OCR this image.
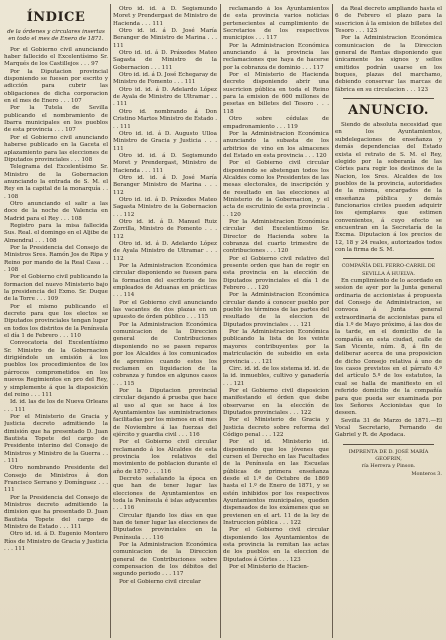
ÍNDICE
de la órdenes y circulares insertas en todo el mes de Enero de 1871.

Por el Gobierno civil anunciando haber fallecido el Excelentísimo Sr. Marqués de los Castillejos . . . 97

Por la Diputacion provincial disponiendo se fuesen por escrito y adicción para cubrir las obligaciones de dicha corporacion en el mes de Enero . . . 107

Por la Tutela de Sevilla publicando el nombramiento de Ibarra municipales en los pueblos de esta provincia . . . 107

Por el Gobierno civil anunciando haberse publicado en la Gaceta el aplazamiento para las elecciones de Diputados provinciales . . . 108

Telegrama del Excelentísimo Sr. Ministro de la Gobernacion anunciando la entrada de S. M. el Rey en la capital de la monarquía . . . 108

Otro anunciando el salir a las doce de la noche de Valencia en Madrid para el Rey . . . 108

Registro para la misa fallecida Sus. Real. el domingo en el Aljibe de Almendral . . . 108

Por la Presidencia del Consejo de Ministros Sres. Ramón Jos de Ripa y Reino por mando de la Real Casa . . . 108

Por el Gobierno civil publicando la formacion del nuevo Ministerio bajo la presidencia del Exmo. Sr. Duque de la Torre . . . 109

Por el mismo publicando el decreto para que los electos se Diputados provinciales tengan lugar en todos los distritos de la Península el día 1 de Febrero . . . 110

Convocatoria del Excelentísimo Sr. Ministro de la Gobernacion dirigiéndole un emisión á los pueblos los procedimientos de los párrocos comprometidos en los nuevos Regimientos en pro del Rey, y simplemente á que la disposición del reino . . . 111

Id. id. las de los de Nueva Orleans . . . 111

Por el Ministerio de Gracia y Justicia decreto admitiendo la dimisión que ha presentado D. Juan Bautista Topete del cargo de Presidente interino del Consejo de Ministros y Ministro de la Guerra . . . 111

Otro nombrando Presidente del Consejo de Ministros á don Francisco Serrano y Domínguez . . . 111

Por la Presidencia del Consejo de Ministros decreto admitiendo la dimision que ha presentado D. Juan Bautista Topete del cargo de Ministro de Estado . . . 111

Otro id. id. á D. Eugenio Montero Ríos de Ministro de Gracia y Justicia . . . 111

Otro id. id. á D. Segismundo Moret y Prendergast de Ministro de Hacienda . . . 111

Otro id. id. á D. José María Beranger de Ministro de Marina . . . 111

Otro id. id. á D. Práxedes Mateo Sagasta de Ministro de la Gobernacion . . . 111

Otro id. id. á D. José Echegaray de Ministro de Fomento . . . 111

Otro id. id. á D. Adelardo López de Ayala de Ministro de Ultramar . . . 111

Otro id. nombrando á Don Cristino Martos Ministro de Estado . . . 111

Otro id. id. á D. Augusto Ulloa Ministro de Gracia y Justicia . . . 111

Otro id. id. á D. Segismundo Moret y Prendergast, Ministro de Hacienda . . . 111

Otro id. id. á D. José María Beranger Ministro de Marina . . . 112

Otro id. id. á D. Práxedes Mateo Sagasta Ministro de la Gobernacion . . . 112

Otro id. id. á D. Manuel Ruiz Zorrilla, Ministro de Fomento . . . 112

Otro id. id. á D. Adelardo López de Ayala Ministro de Ultramar . . . 112

Por la Administracion Económica circular disponiendo se fuesen para la formacion del escritorio de los empleados de Aduanas en prácticas . . . 114

Por el Gobierno civil anunciando las vacantes de dos plazas en un upuesto de órden público . . . 115

Por la Administracion Económica comunicacion de la Direccion general de Contribuciones disponiendo no se pasen reparos por los Alcaldes á los comunicados de apremios cuando estos los reclamen en liquidacion de la cobranza y fundos en algunos casos . . . 115

Por la Diputacion provincial circular dejando á prueba que hace al uso al que se hace á los Ayuntamientos las suministraciones facilitadas por los mismos en el mes de Noviembre á las fuerzas del ejército y guardia civil . . . 116

Por el Gobierno civil circular reclamando á los Alcaldes de esta provincia los relativos del movimiento de poblacion durante el año de 1870 . . . 116

Decreto señalando la época en que han de tener lugar las elecciones de Ayuntamientos en toda la Península é islas adyacentes . . . 116

Circular fijando los días en que han de tener lugar las elecciones de Diputados provinciales en la Península . . . 116

Por la Administracion Económica comunicacion de la Direccion general de Contribuciones sobre compensacion de los débitos del segundo periodo . . . 117

Por el Gobierno civil circular

reclamando á los Ayuntamientos de esta provincia varios noticias pertenecientes al cumplimiento de Secretarios de los respectivos municipios . . . 117

Por la Administracion Económica anunciando á la provincia las reclamaciones que haya de hacerse por la cobranza de dominio . . . 117

Por el Ministerio de Hacienda decreto disponiendo abrir una suscricion pública en toda el Reino para la emision de 600 millones de pesetas en billetes del Tesoro . . . 118

Otro sobre cédulas de empadronamiento . . . 119

Por la Administracion Económica anunciando la subasta de los arbitrios de vino en los almacenes del Estado en esta provincia . . . 120

Por el Gobierno civil circular disponiendo se abstengan todos los Alcaldes como los Presidentes de las mesas electorales, de inscripción y de resultado en las elecciones al Ministerio de la Gobernacion, y el acta de escrutinio de esta provincia . . . 120

Por la Administracion Económica circular del Excelentísimo Sr. Director de Hacienda sobre la cobranza del cuarto trimestre de contribuciones . . . 120

Por el Gobierno civil relativo del presente orden que han de regir en esta provincia en la elección de Diputados provinciales el día 1 de Febrero . . . 120

Por la Administracion Económica circular dando á conocer pueblo por pueblo los términos de las partes del resultado de la eleccion de Diputados provinciales . . . 121

Por la Administracion Económica publicando la lista de los veinte mayores contribuyentes por la matriculación de subsidio en esta provincia . . . 121

Circ. id. id. de los sistema id. id. de la id. inmuebles, cultivo y ganadería . . . 121

Por el Gobierno civil disposicion manifestando el órden que debe observarse en la elección de Diputados provinciales . . . 122

Por el Ministerio de Gracia y Justicia decreto sobre reforma del Código penal . . . 122

Por el id. Ministerio id. disponiendo que los jóvenes que cursen el Derecho en las Facultades de la Península en las Escuelas públicas de primera enseñanza desde el 1.º de Octubre de 1869 hasta el 1.º de Enero de 1871, y se estén inhibidos por los respectivos Ayuntamientos municipales, queden dispensados de los exámenes que se previenen en el art. 11 de la ley de Instruccion pública . . . 122

Por el Gobierno civil circular disponiendo los Ayuntamientos de esta provincia la remitan las actas de los pueblos en la eleccion de Diputados á Córtes . . . 123

Por el Ministerio de Hacien-

da Real decreto ampliando hasta el 6 de Febrero el plazo para la suscricion á la emision de billetes del Tesoro . . . 123

Por la Administracion Económica comunicacion de la Direccion general de Rentas disponiendo que únicamente los signos y sellos emitidos podrán usarse en los buques, plazas del marchamo, debiendo conservar las marcas de fábrica en su circulacion . . . 123

ANUNCIO.

Siendo de absoluta necesidad que en los Ayuntamientos, subdelegaciones de enseñanza y demás dependencias del Estado exista el retrato de S. M. el Rey, elegido por la soberanía de las Córtes para regir los destinos de la Nacion, los Sres. Alcaldes de los pueblos de la provincia, autoridades de la misma, encargados de la enseñanza pública y demás funcionarios civiles pueden adquirir los ejemplares que estimen convenientes, á cuyo efecto se encuentran en la Secretaría de la Excma. Diputacion á los precios de 12, 18 y 24 reales, autorizados todos con la firma de S. M.

COMPAÑÍA DEL FERRO-CARRIL DE SEVILLA Á HUELVA.

En cumplimiento de lo acordado en sesion de ayer por la Junta general ordinaria de accionistas á propuesta del Consejo de Administracion, se convoca á Junta general extraordinaria de accionistas para el día 1.º de Mayo próximo, á las dos de la tarde, en el domicilio de la compañía en esta ciudad, calle de San Vicente, núm. 8, á fin de deliberar acerca de una proposicion de dicho Consejo relativa á uno de los casos previstos en el párrafo 4.º del artículo 5.º de los estatutos, la cual se halla de manifiesto en el referido domicilio de la compañía para que pueda ser examinada por los Señores Accionistas que lo deseen.

Sevilla 31 de Marzo de 1871.—El Vocal Secretario, Fernando de Gabriel y R. de Apodaca.

IMPRENTA DE D. JOSÉ MARÍA GEOFRIN,
ría Herrera y Pinson.
Monteros 3.
